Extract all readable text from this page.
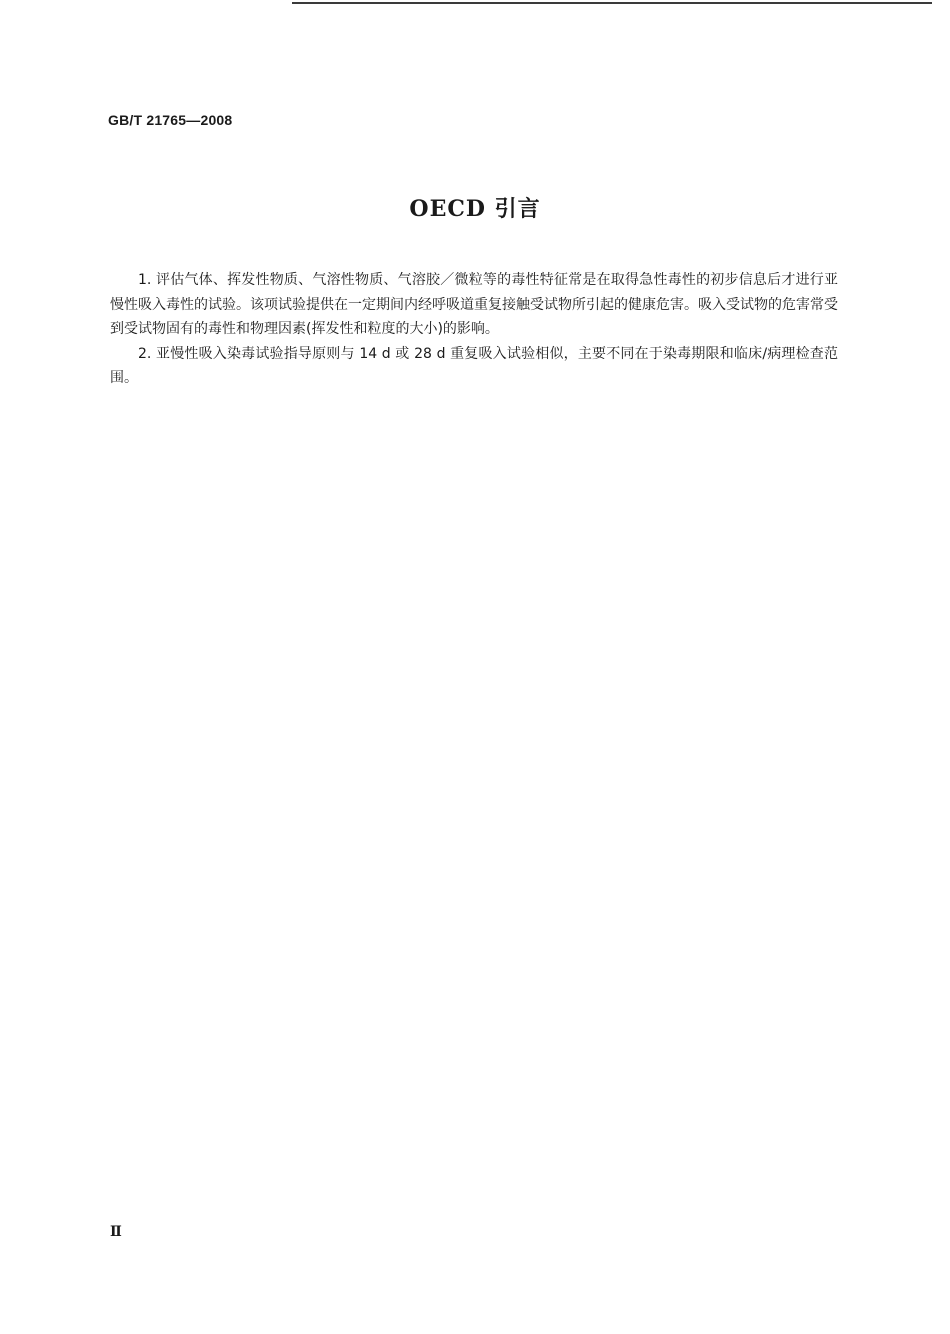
GB/T 21765—2008
OECD 引言

1. 评估气体、挥发性物质、气溶性物质、气溶胶／微粒等的毒性特征常是在取得急性毒性的初步信息后才进行亚慢性吸入毒性的试验。该项试验提供在一定期间内经呼吸道重复接触受试物所引起的健康危害。吸入受试物的危害常受到受试物固有的毒性和物理因素(挥发性和粒度的大小)的影响。

2. 亚慢性吸入染毒试验指导原则与 14 d 或 28 d 重复吸入试验相似，主要不同在于染毒期限和临床/病理检查范围。

Ⅱ
